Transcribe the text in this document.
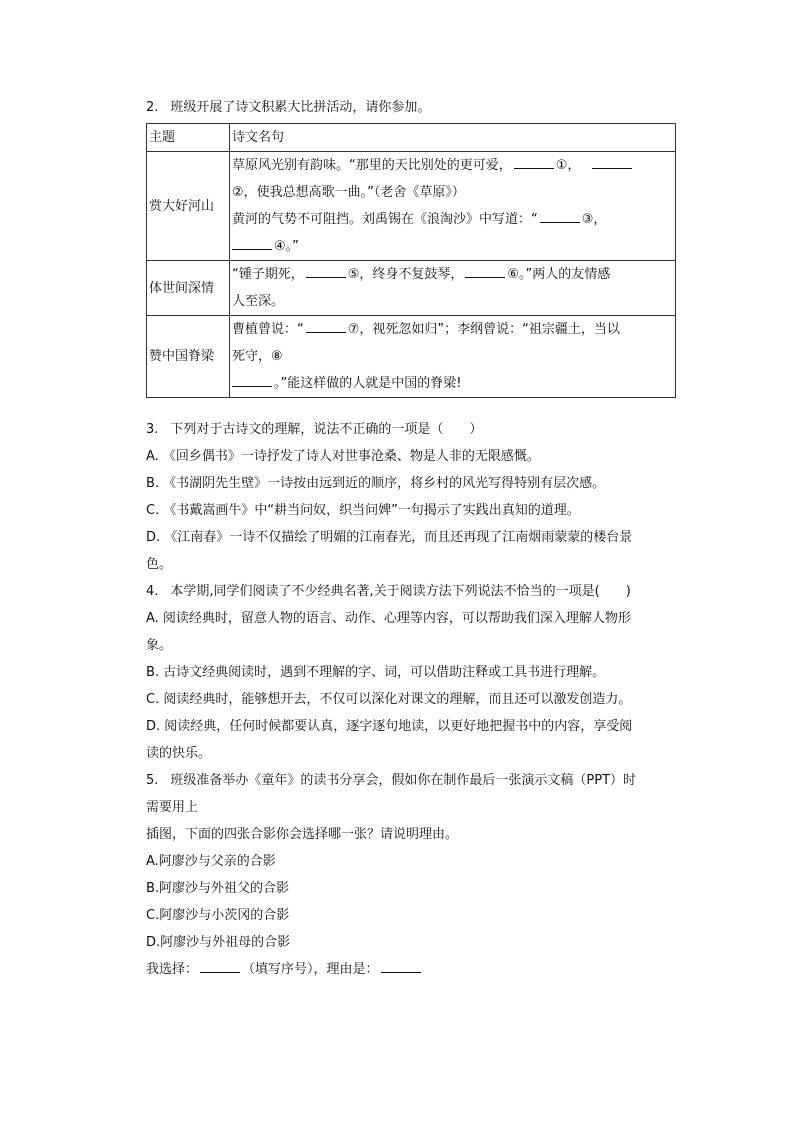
2. 班级开展了诗文积累大比拼活动，请你参加。
主题	诗文名句
赏大好河山	草原风光别有韵味。“那里的天比别处的更可爱， ①，
②，使我总想高歌一曲。”（老舍《草原》）
黄河的气势不可阻挡。刘禹锡在《浪淘沙》中写道：“ ③，
④。”

体世间深情	“锺子期死， ⑤，终身不复鼓琴， ⑥。”两人的友情感
人至深。

赞中国脊梁	曹植曾说：“ ⑦，视死忽如归”；李纲曾说：“祖宗疆土，当以
死守，⑧
。”能这样做的人就是中国的脊梁!
3. 下列对于古诗文的理解，说法不正确的一项是（　　）
A. 《回乡偶书》一诗抒发了诗人对世事沧桑、物是人非的无限感慨。
B. 《书湖阴先生壁》一诗按由远到近的顺序，将乡村的风光写得特别有层次感。
C. 《书戴嵩画牛》中“耕当问奴，织当问婢”一句揭示了实践出真知的道理。
D. 《江南春》一诗不仅描绘了明媚的江南春光，而且还再现了江南烟雨蒙蒙的楼台景
色。
4. 本学期,同学们阅读了不少经典名著,关于阅读方法下列说法不恰当的一项是(　　)
A. 阅读经典时，留意人物的语言、动作、心理等内容，可以帮助我们深入理解人物形
象。
B. 古诗文经典阅读时，遇到不理解的字、词，可以借助注释或工具书进行理解。
C. 阅读经典时，能够想开去，不仅可以深化对课文的理解，而且还可以激发创造力。
D. 阅读经典，任何时候都要认真，逐字逐句地读，以更好地把握书中的内容，享受阅
读的快乐。
5. 班级准备举办《童年》的读书分享会，假如你在制作最后一张演示文稿（PPT）时
需要用上
插图，下面的四张合影你会选择哪一张？请说明理由。
A.阿廖沙与父亲的合影
B.阿廖沙与外祖父的合影
C.阿廖沙与小茨冈的合影
D.阿廖沙与外祖母的合影
我选择：	（填写序号），理由是：
